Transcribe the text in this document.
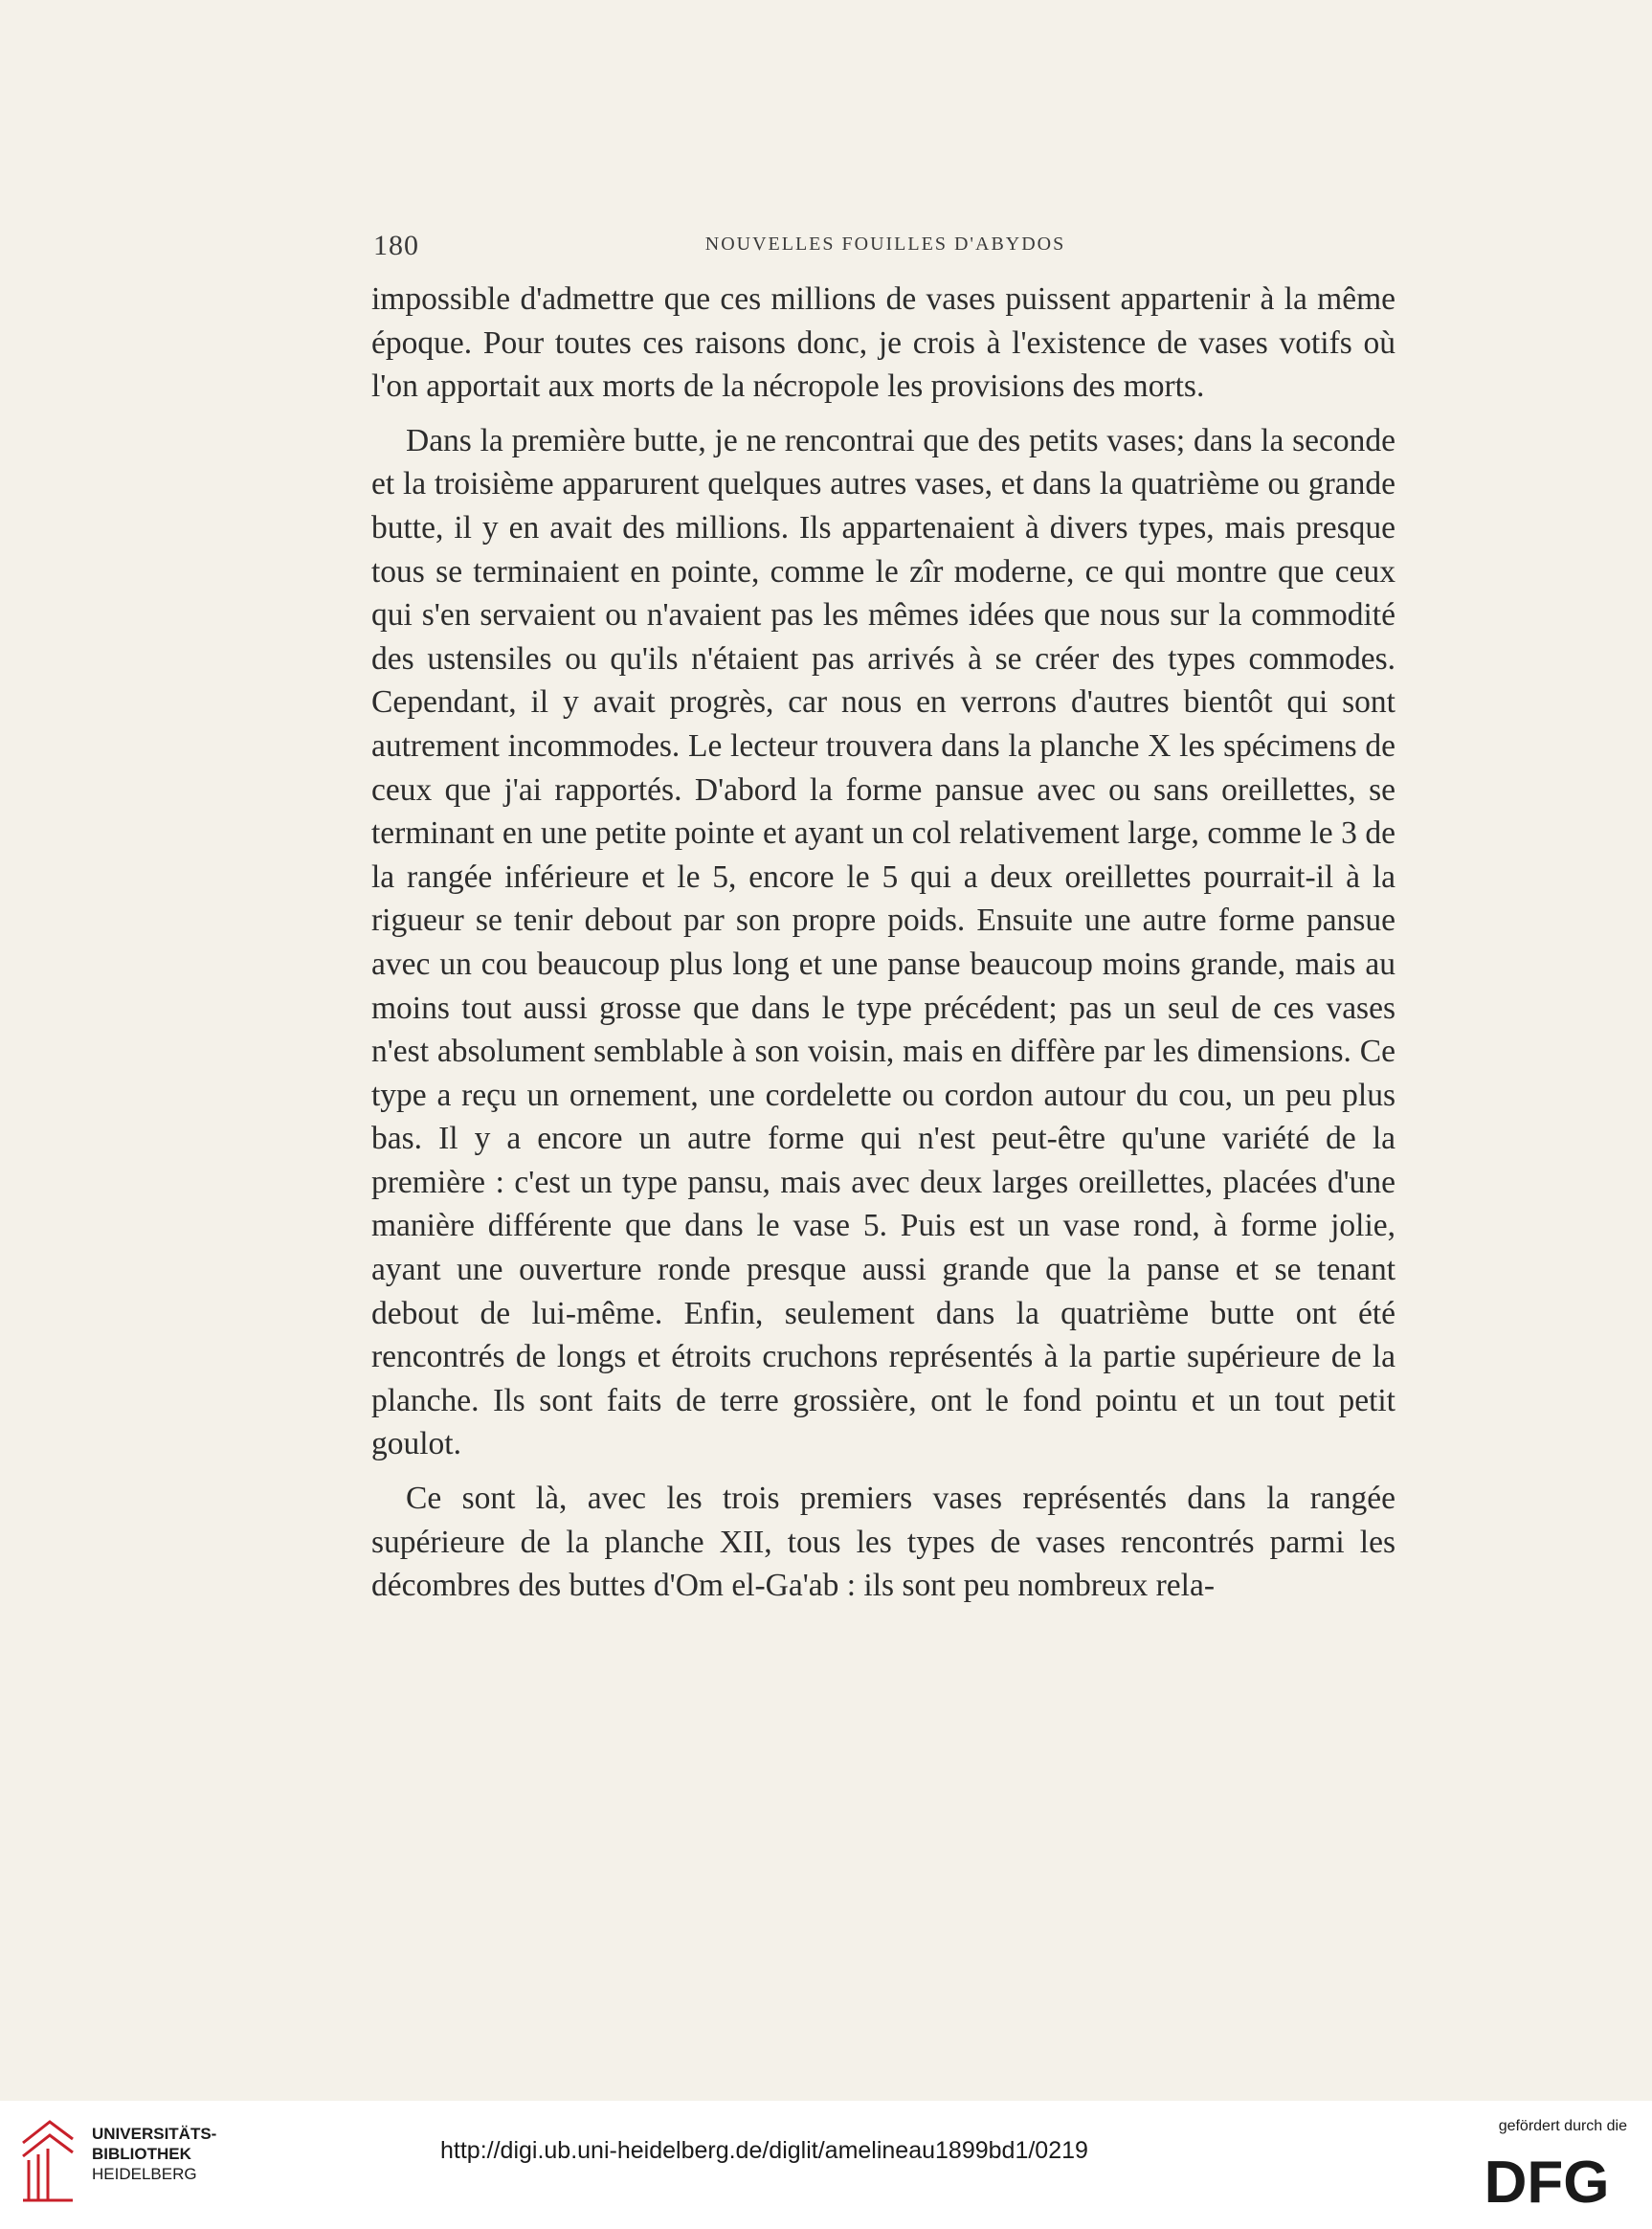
180	NOUVELLES FOUILLES D'ABYDOS

impossible d'admettre que ces millions de vases puissent appartenir à la même époque. Pour toutes ces raisons donc, je crois à l'existence de vases votifs où l'on apportait aux morts de la nécropole les provisions des morts.

Dans la première butte, je ne rencontrai que des petits vases; dans la seconde et la troisième apparurent quelques autres vases, et dans la quatrième ou grande butte, il y en avait des millions. Ils appartenaient à divers types, mais presque tous se terminaient en pointe, comme le zîr moderne, ce qui montre que ceux qui s'en servaient ou n'avaient pas les mêmes idées que nous sur la commodité des ustensiles ou qu'ils n'étaient pas arrivés à se créer des types commodes. Cependant, il y avait progrès, car nous en verrons d'autres bientôt qui sont autrement incommodes. Le lecteur trouvera dans la planche X les spécimens de ceux que j'ai rapportés. D'abord la forme pansue avec ou sans oreillettes, se terminant en une petite pointe et ayant un col relativement large, comme le 3 de la rangée inférieure et le 5, encore le 5 qui a deux oreillettes pourrait-il à la rigueur se tenir debout par son propre poids. Ensuite une autre forme pansue avec un cou beaucoup plus long et une panse beaucoup moins grande, mais au moins tout aussi grosse que dans le type précédent; pas un seul de ces vases n'est absolument semblable à son voisin, mais en diffère par les dimensions. Ce type a reçu un ornement, une cordelette ou cordon autour du cou, un peu plus bas. Il y a encore un autre forme qui n'est peut-être qu'une variété de la première : c'est un type pansu, mais avec deux larges oreillettes, placées d'une manière différente que dans le vase 5. Puis est un vase rond, à forme jolie, ayant une ouverture ronde presque aussi grande que la panse et se tenant debout de lui-même. Enfin, seulement dans la quatrième butte ont été rencontrés de longs et étroits cruchons représentés à la partie supérieure de la planche. Ils sont faits de terre grossière, ont le fond pointu et un tout petit goulot.

Ce sont là, avec les trois premiers vases représentés dans la rangée supérieure de la planche XII, tous les types de vases rencontrés parmi les décombres des buttes d'Om el-Ga'ab : ils sont peu nombreux rela-

UNIVERSITÄTS-
BIBLIOTHEK
HEIDELBERG
http://digi.ub.uni-heidelberg.de/diglit/amelineau1899bd1/0219
gefördert durch die
DFG
